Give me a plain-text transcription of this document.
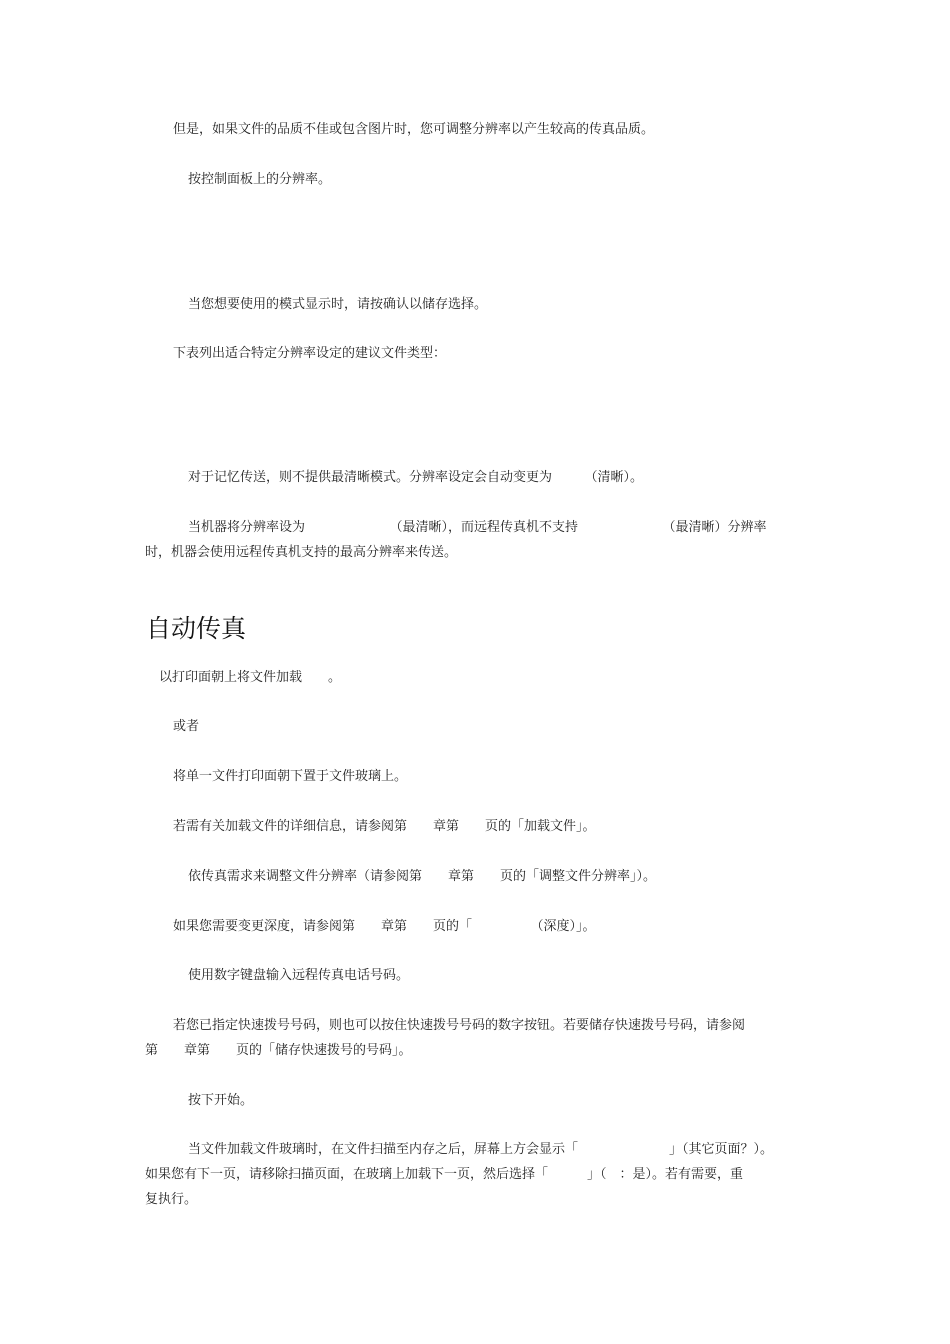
但是，如果文件的品质不佳或包含图片时，您可调整分辨率以产生较高的传真品质。

按控制面板上的分辨率。

当您想要使用的模式显示时，请按确认以储存选择。

下表列出适合特定分辨率设定的建议文件类型：

对于记忆传送，则不提供最清晰模式。分辨率设定会自动变更为　　　（清晰）。

当机器将分辨率设为　　　　　　　（最清晰），而远程传真机不支持　　　　　　　（最清晰）分辨率

时，机器会使用远程传真机支持的最高分辨率来传送。

自动传真

以打印面朝上将文件加载　　。

或者

将单一文件打印面朝下置于文件玻璃上。

若需有关加载文件的详细信息，请参阅第　　章第　　页的「加载文件」。

依传真需求来调整文件分辨率（请参阅第　　章第　　页的「调整文件分辨率」）。

如果您需要变更深度，请参阅第　　章第　　页的「　　　　　（深度）」。

使用数字键盘输入远程传真电话号码。

若您已指定快速拨号号码，则也可以按住快速拨号号码的数字按钮。若要储存快速拨号号码，请参阅

第　　章第　　页的「储存快速拨号的号码」。

按下开始。

当文件加载文件玻璃时，在文件扫描至内存之后，屏幕上方会显示「　　　　　　　」（其它页面？）。

如果您有下一页，请移除扫描页面，在玻璃上加载下一页，然后选择「　　　」（　：是）。若有需要，重

复执行。
